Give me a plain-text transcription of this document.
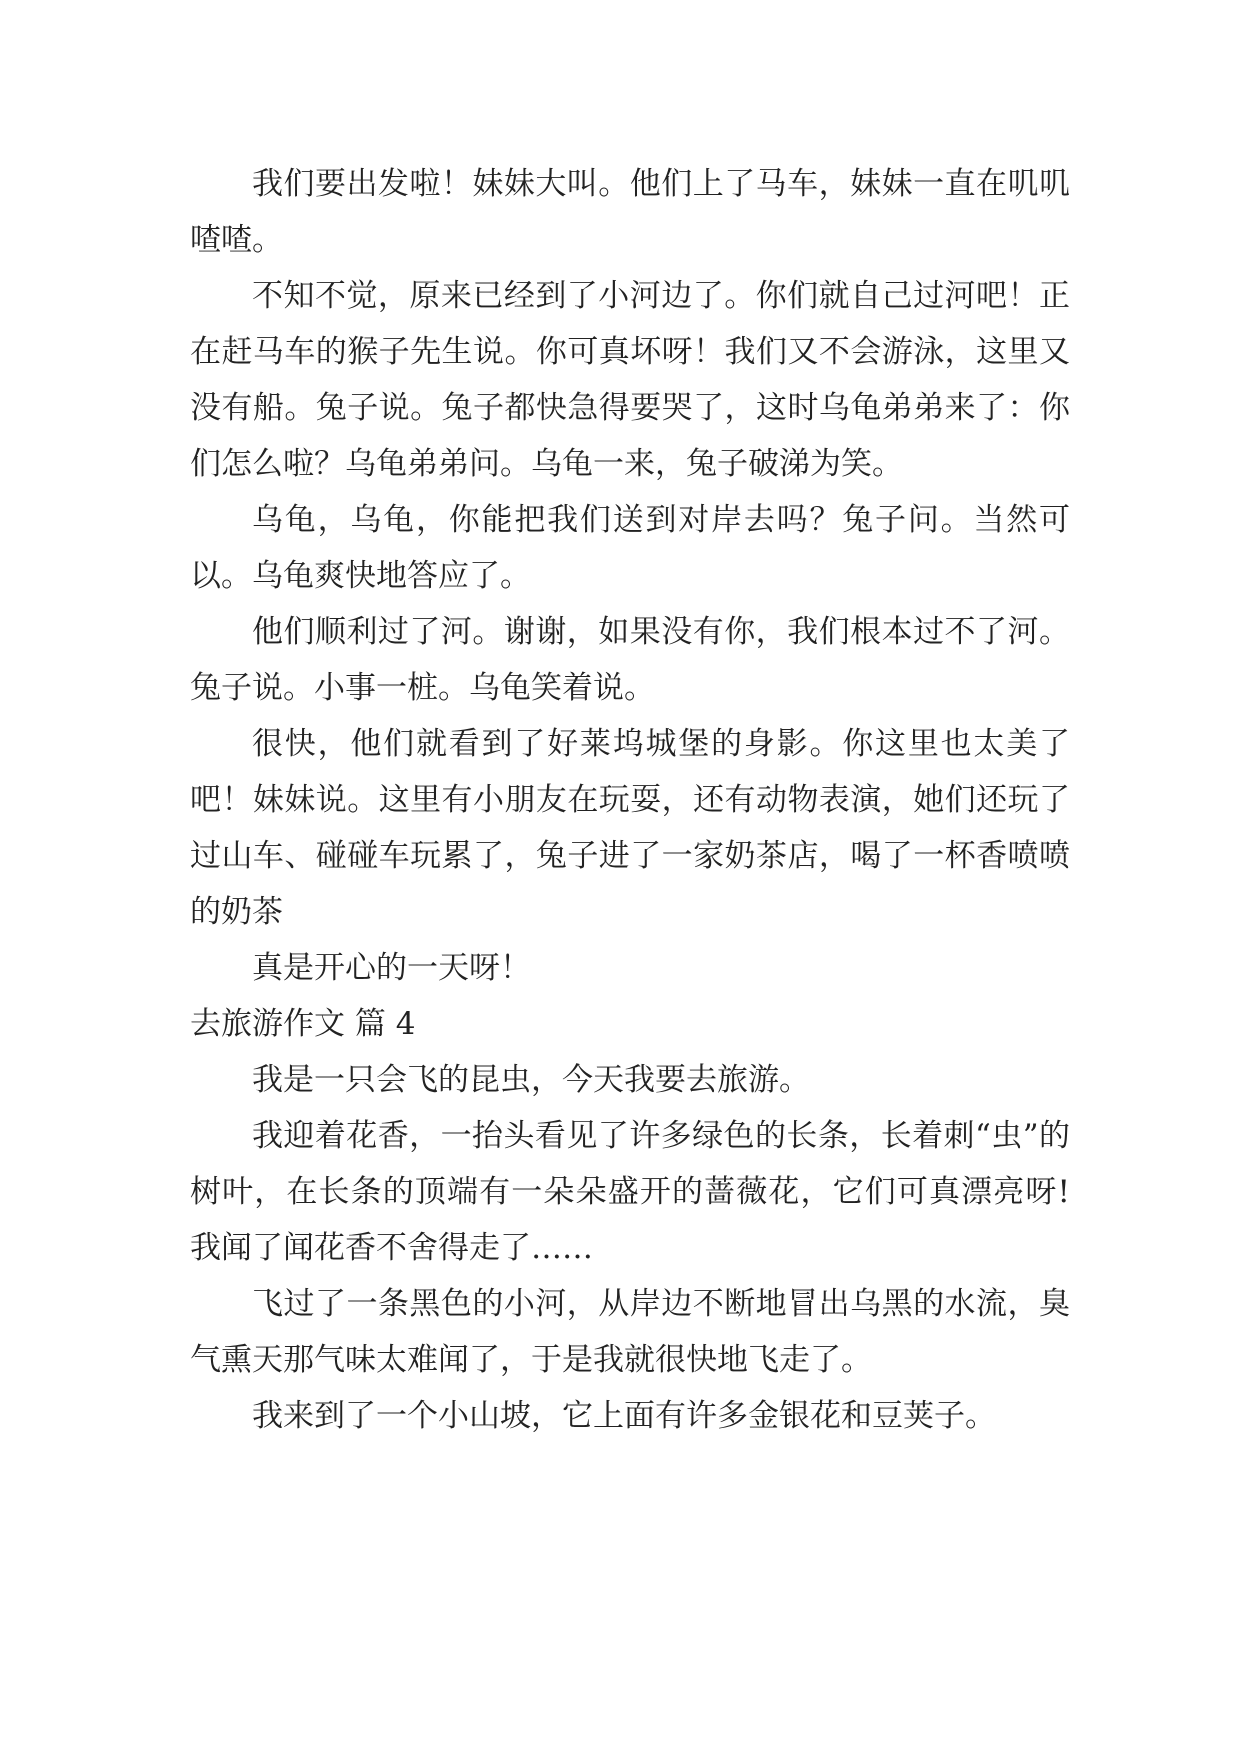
我们要出发啦！妹妹大叫。他们上了马车，妹妹一直在叽叽喳喳。

不知不觉，原来已经到了小河边了。你们就自己过河吧！正在赶马车的猴子先生说。你可真坏呀！我们又不会游泳，这里又没有船。兔子说。兔子都快急得要哭了，这时乌龟弟弟来了：你们怎么啦？乌龟弟弟问。乌龟一来，兔子破涕为笑。

乌龟，乌龟，你能把我们送到对岸去吗？兔子问。当然可以。乌龟爽快地答应了。

他们顺利过了河。谢谢，如果没有你，我们根本过不了河。兔子说。小事一桩。乌龟笑着说。

很快，他们就看到了好莱坞城堡的身影。你这里也太美了吧！妹妹说。这里有小朋友在玩耍，还有动物表演，她们还玩了过山车、碰碰车玩累了，兔子进了一家奶茶店，喝了一杯香喷喷的奶茶

真是开心的一天呀！

去旅游作文 篇 4

我是一只会飞的昆虫，今天我要去旅游。

我迎着花香，一抬头看见了许多绿色的长条，长着刺“虫”的树叶，在长条的顶端有一朵朵盛开的蔷薇花，它们可真漂亮呀!我闻了闻花香不舍得走了……

飞过了一条黑色的小河，从岸边不断地冒出乌黑的水流，臭气熏天那气味太难闻了，于是我就很快地飞走了。

我来到了一个小山坡，它上面有许多金银花和豆荚子。
